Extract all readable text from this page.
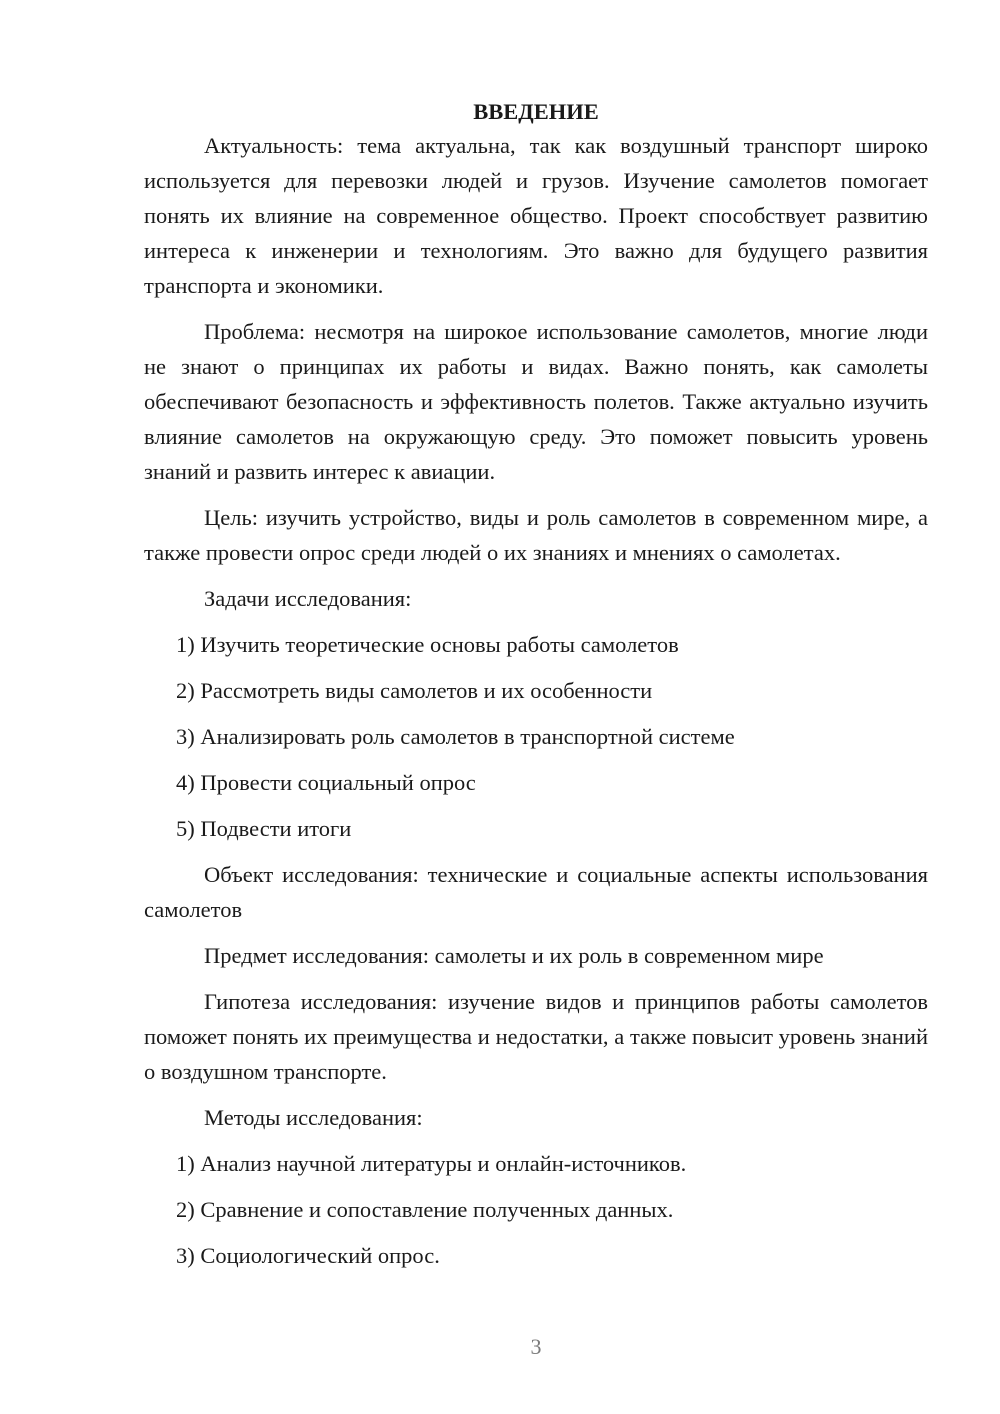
ВВЕДЕНИЕ

Актуальность: тема актуальна, так как воздушный транспорт широко используется для перевозки людей и грузов. Изучение самолетов помогает понять их влияние на современное общество. Проект способствует развитию интереса к инженерии и технологиям. Это важно для будущего развития транспорта и экономики.

Проблема: несмотря на широкое использование самолетов, многие люди не знают о принципах их работы и видах. Важно понять, как самолеты обеспечивают безопасность и эффективность полетов. Также актуально изучить влияние самолетов на окружающую среду. Это поможет повысить уровень знаний и развить интерес к авиации.

Цель: изучить устройство, виды и роль самолетов в современном мире, а также провести опрос среди людей о их знаниях и мнениях о самолетах.

Задачи исследования:

1) Изучить теоретические основы работы самолетов
2) Рассмотреть виды самолетов и их особенности
3) Анализировать роль самолетов в транспортной системе
4) Провести социальный опрос
5) Подвести итоги

Объект исследования: технические и социальные аспекты использования самолетов

Предмет исследования: самолеты и их роль в современном мире

Гипотеза исследования: изучение видов и принципов работы самолетов поможет понять их преимущества и недостатки, а также повысит уровень знаний о воздушном транспорте.

Методы исследования:

1) Анализ научной литературы и онлайн-источников.
2) Сравнение и сопоставление полученных данных.
3) Социологический опрос.
3
